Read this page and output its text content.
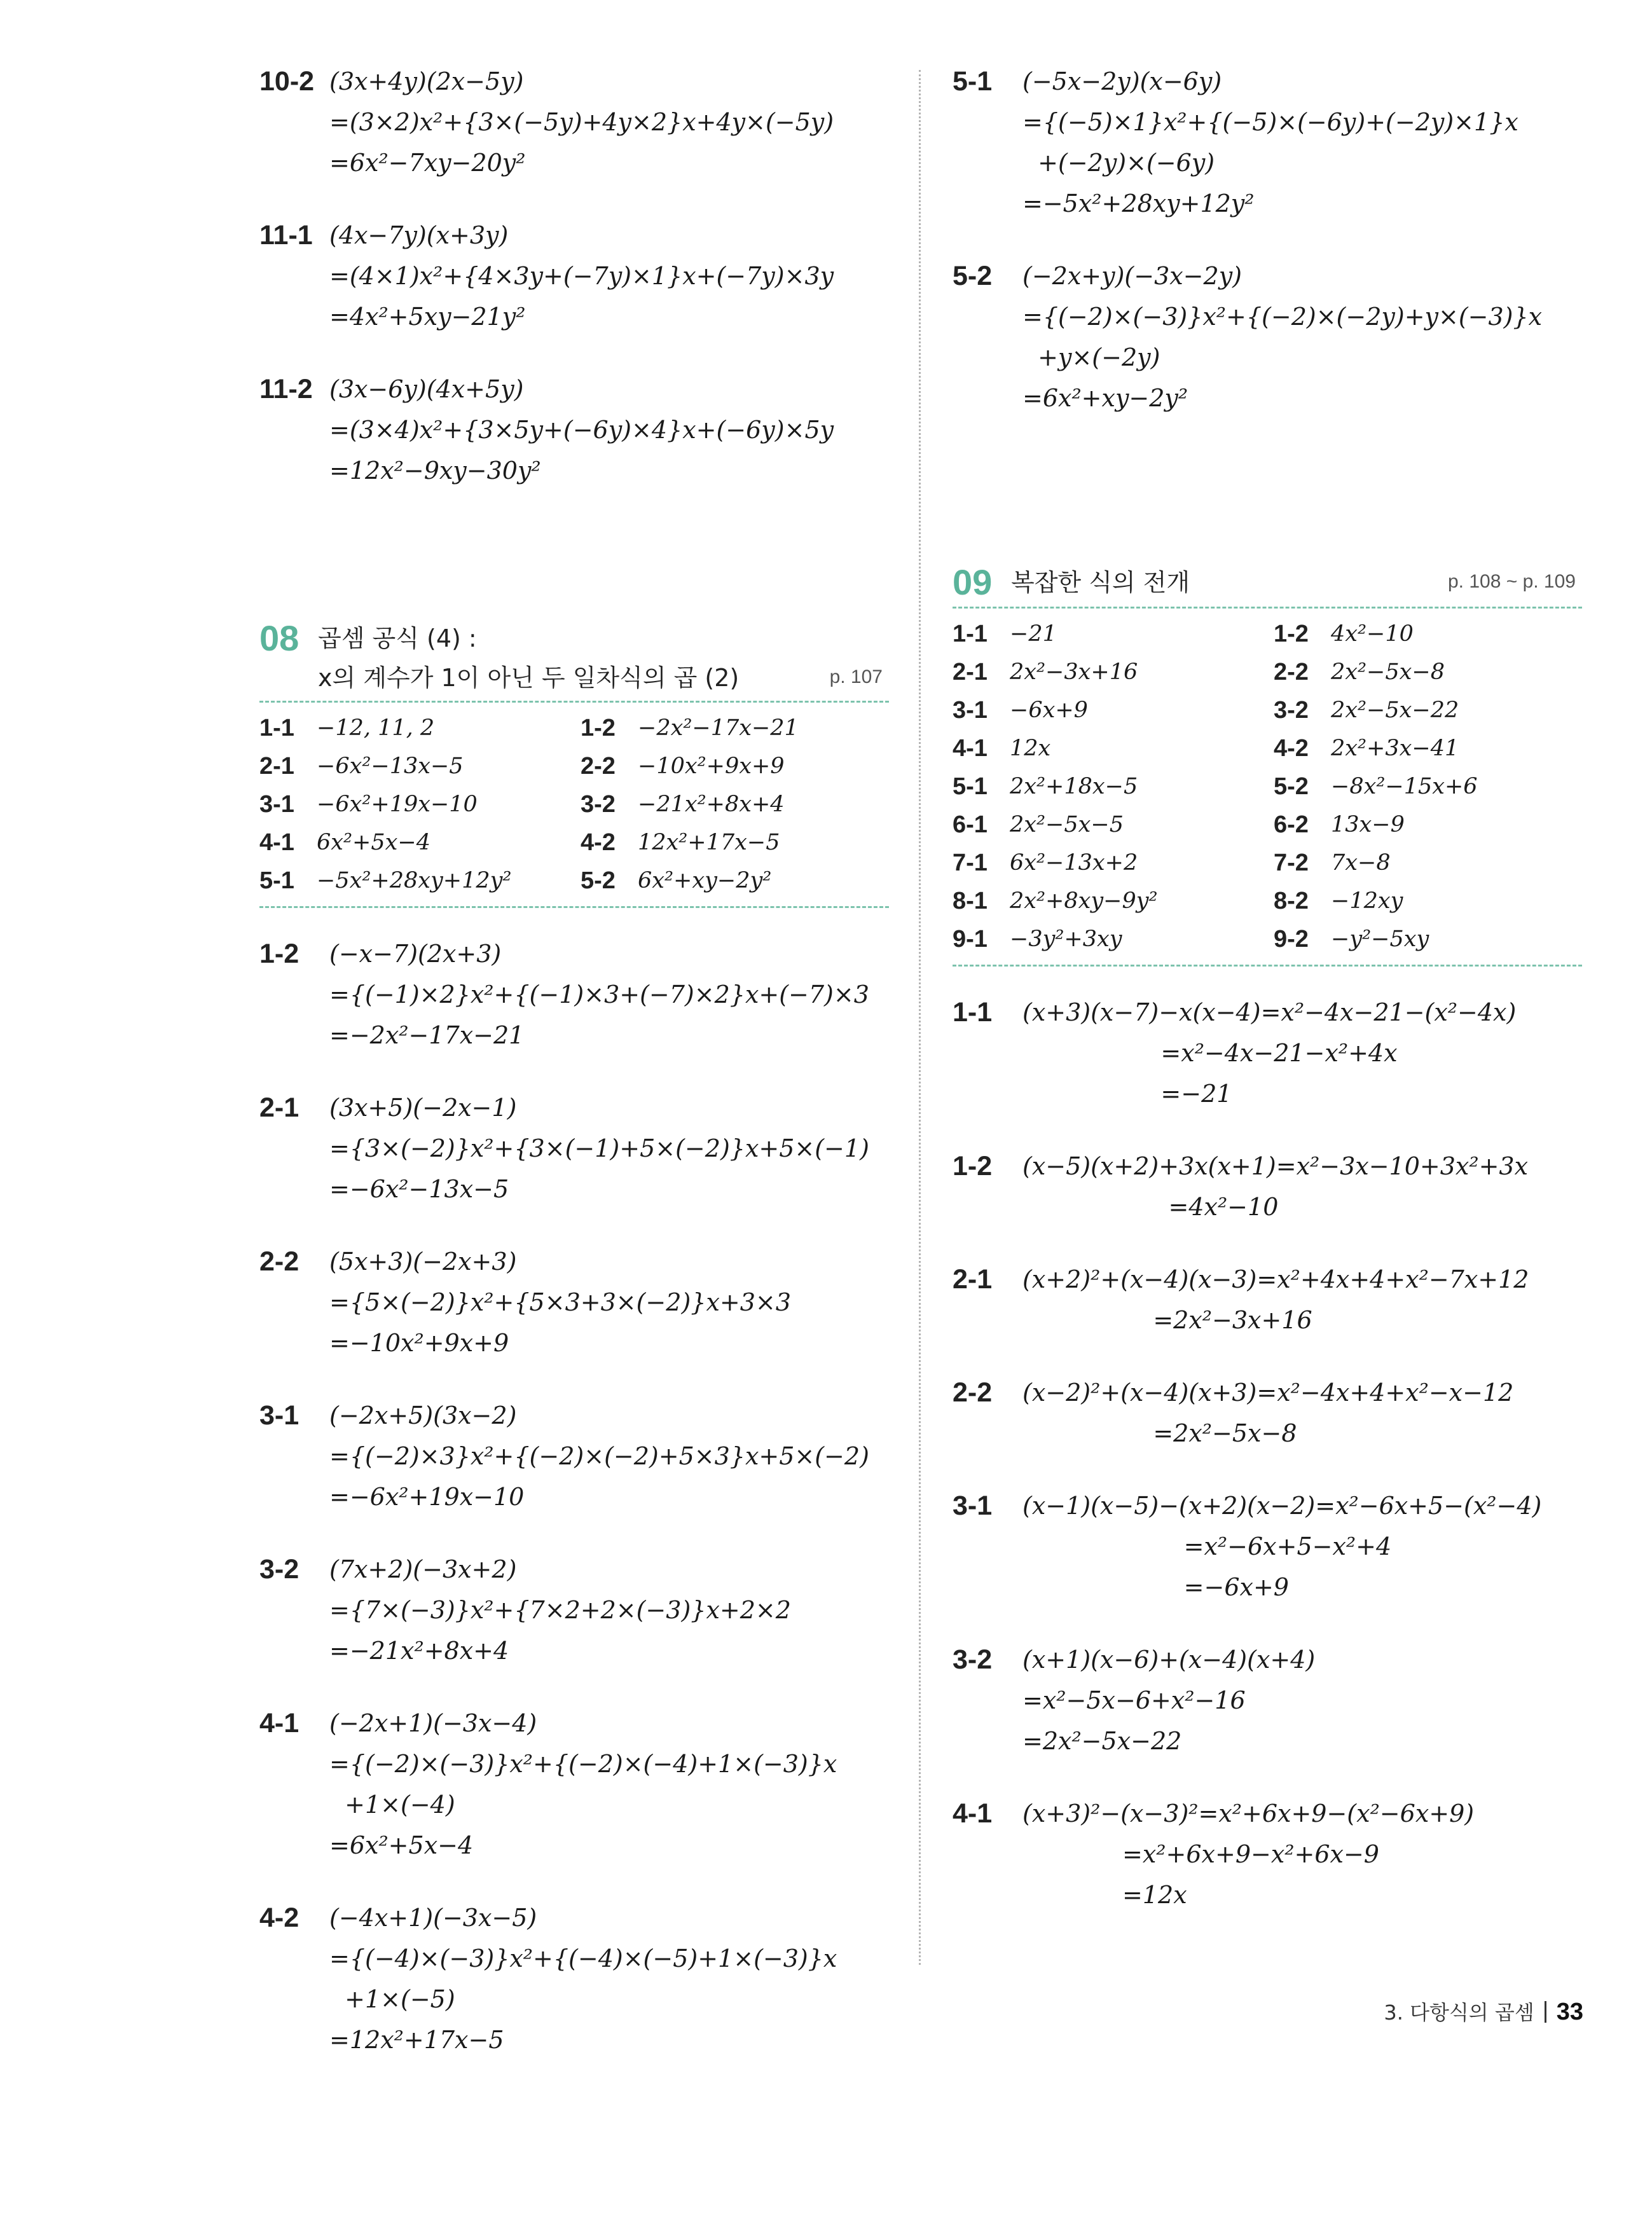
10-2 (3x+4y)(2x−5y)
=(3×2)x²+{3×(−5y)+4y×2}x+4y×(−5y)
=6x²−7xy−20y²
11-1 (4x−7y)(x+3y)
=(4×1)x²+{4×3y+(−7y)×1}x+(−7y)×3y
=4x²+5xy−21y²
11-2 (3x−6y)(4x+5y)
=(3×4)x²+{3×5y+(−6y)×4}x+(−6y)×5y
=12x²−9xy−30y²
08 곱셈 공식 (4) :
x의 계수가 1이 아닌 두 일차식의 곱 (2)	p. 107
1-1	−12, 11, 2	1-2	−2x²−17x−21
2-1	−6x²−13x−5	2-2	−10x²+9x+9
3-1	−6x²+19x−10	3-2	−21x²+8x+4
4-1	6x²+5x−4	4-2	12x²+17x−5
5-1	−5x²+28xy+12y²	5-2	6x²+xy−2y²
1-2 (−x−7)(2x+3)
={(−1)×2}x²+{(−1)×3+(−7)×2}x+(−7)×3
=−2x²−17x−21
2-1 (3x+5)(−2x−1)
={3×(−2)}x²+{3×(−1)+5×(−2)}x+5×(−1)
=−6x²−13x−5
2-2 (5x+3)(−2x+3)
={5×(−2)}x²+{5×3+3×(−2)}x+3×3
=−10x²+9x+9
3-1 (−2x+5)(3x−2)
={(−2)×3}x²+{(−2)×(−2)+5×3}x+5×(−2)
=−6x²+19x−10
3-2 (7x+2)(−3x+2)
={7×(−3)}x²+{7×2+2×(−3)}x+2×2
=−21x²+8x+4
4-1 (−2x+1)(−3x−4)
={(−2)×(−3)}x²+{(−2)×(−4)+1×(−3)}x
+1×(−4)
=6x²+5x−4
4-2 (−4x+1)(−3x−5)
={(−4)×(−3)}x²+{(−4)×(−5)+1×(−3)}x
+1×(−5)
=12x²+17x−5
5-1 (−5x−2y)(x−6y)
={(−5)×1}x²+{(−5)×(−6y)+(−2y)×1}x
+(−2y)×(−6y)
=−5x²+28xy+12y²
5-2 (−2x+y)(−3x−2y)
={(−2)×(−3)}x²+{(−2)×(−2y)+y×(−3)}x
+y×(−2y)
=6x²+xy−2y²
09 복잡한 식의 전개	p. 108 ~ p. 109
1-1	−21	1-2	4x²−10
2-1	2x²−3x+16	2-2	2x²−5x−8
3-1	−6x+9	3-2	2x²−5x−22
4-1	12x	4-2	2x²+3x−41
5-1	2x²+18x−5	5-2	−8x²−15x+6
6-1	2x²−5x−5	6-2	13x−9
7-1	6x²−13x+2	7-2	7x−8
8-1	2x²+8xy−9y²	8-2	−12xy
9-1	−3y²+3xy	9-2	−y²−5xy
1-1 (x+3)(x−7)−x(x−4)=x²−4x−21−(x²−4x)
=x²−4x−21−x²+4x
=−21
1-2 (x−5)(x+2)+3x(x+1)=x²−3x−10+3x²+3x
=4x²−10
2-1 (x+2)²+(x−4)(x−3)=x²+4x+4+x²−7x+12
=2x²−3x+16
2-2 (x−2)²+(x−4)(x+3)=x²−4x+4+x²−x−12
=2x²−5x−8
3-1 (x−1)(x−5)−(x+2)(x−2)=x²−6x+5−(x²−4)
=x²−6x+5−x²+4
=−6x+9
3-2 (x+1)(x−6)+(x−4)(x+4)
=x²−5x−6+x²−16
=2x²−5x−22
4-1 (x+3)²−(x−3)²=x²+6x+9−(x²−6x+9)
=x²+6x+9−x²+6x−9
=12x
3. 다항식의 곱셈 33
